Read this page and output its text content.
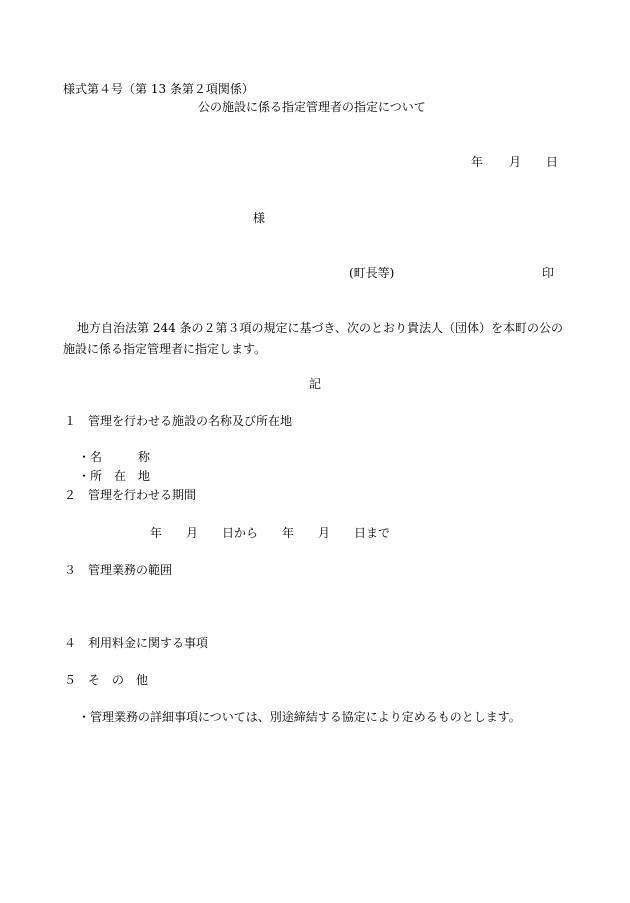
様式第４号（第 13 条第２項関係）
公の施設に係る指定管理者の指定について
年 月 日
様
(町長等)	印
地方自治法第 244 条の２第３項の規定に基づき、次のとおり貴法人（団体）を本町の公の施設に係る指定管理者に指定します。
記
１　管理を行わせる施設の名称及び所在地
・名　　　称
・所　在　地
２　管理を行わせる期間
年　　月　　日から　　年　　月　　日まで
３　管理業務の範囲
４　利用料金に関する事項
５　そ　の　他
・管理業務の詳細事項については、別途締結する協定により定めるものとします。
